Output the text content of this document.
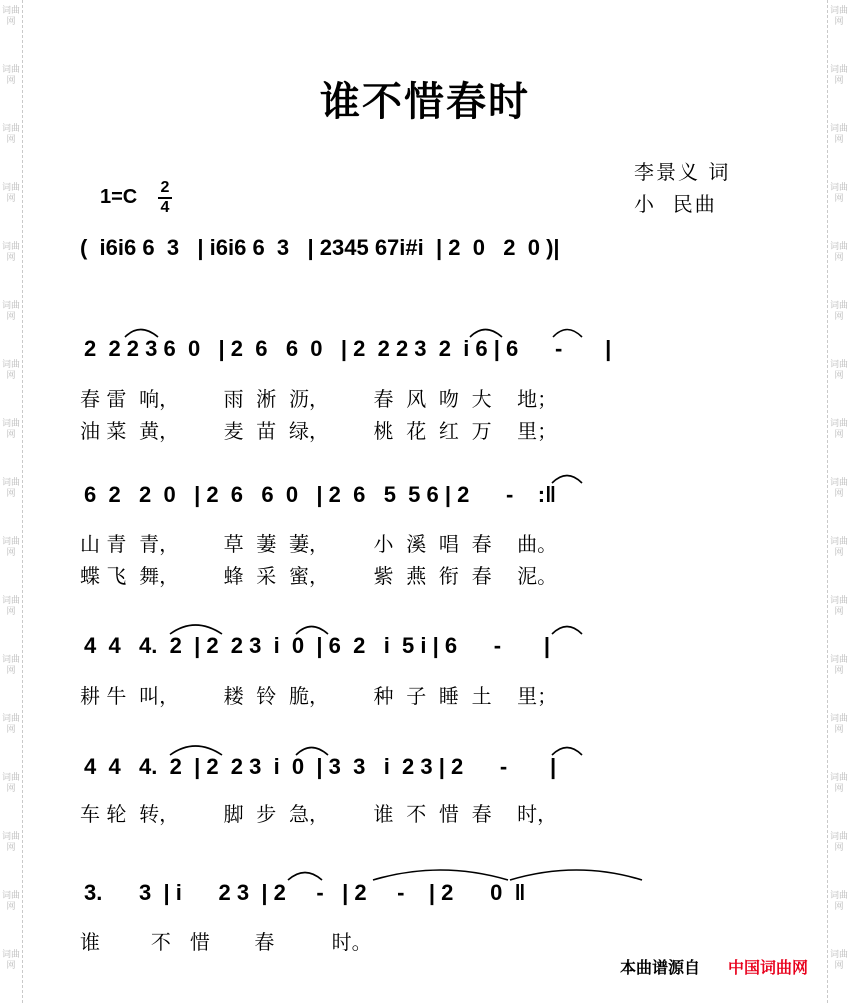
词曲网
词曲网
词曲网
词曲网
词曲网
词曲网
词曲网
词曲网
词曲网
词曲网
词曲网
词曲网
词曲网
词曲网
词曲网
词曲网
词曲网
词曲网
词曲网
词曲网
词曲网
词曲网
词曲网
词曲网
词曲网
词曲网
词曲网
词曲网
词曲网
词曲网
词曲网
词曲网
词曲网
词曲网
谁不惜春时
李景义 词
小  民曲
1=C 2
4
(  i6i6 6  3   | i6i6 6  3   | 2345 67i#i  | 2  0   2  0 )|
2  2 2 3 6  0   | 2  6   6  0   | 2  2 2 3  2  i 6 | 6      -       |
春 雷  响，       雨  淅  沥，       春  风  吻  大    地；
油 菜  黄，       麦  苗  绿，       桃  花  红  万    里；
6  2   2  0   | 2  6   6  0   | 2  6   5  5 6 | 2      -    :‖
山 青  青，       草  萋  萋，       小  溪  唱  春    曲。
蝶 飞  舞，       蜂  采  蜜，       紫  燕  衔  春    泥。
4  4   4.  2  | 2  2 3  i  0  | 6  2   i  5 i | 6      -       |
耕 牛  叫，       耧  铃  脆，       种  子  睡  土    里；
4  4   4.  2  | 2  2 3  i  0  | 3  3   i  2 3 | 2      -       |
车 轮  转，       脚  步  急，       谁  不  惜  春    时，
3.      3  | i      2 3  | 2     -   | 2     -    | 2      0  ‖
谁        不   惜       春         时。
本曲谱源自 中国词曲网
